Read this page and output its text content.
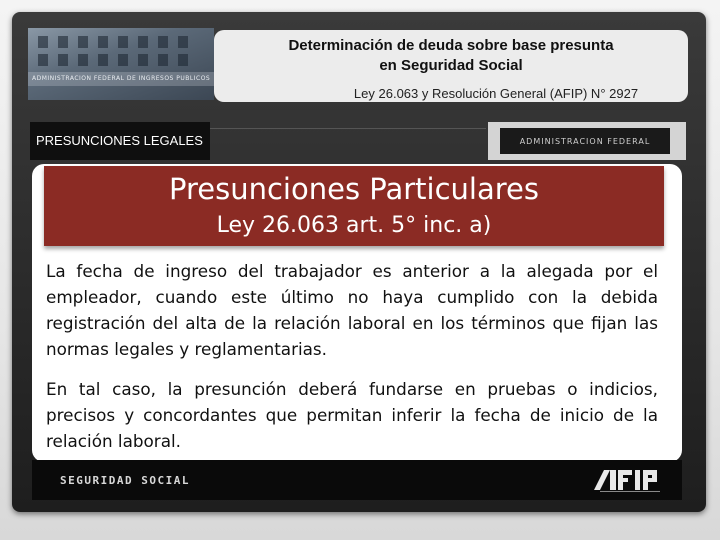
ADMINISTRACION FEDERAL DE INGRESOS PUBLICOS
Determinación de deuda sobre base presunta
en Seguridad Social
Ley 26.063 y Resolución General (AFIP) N° 2927
PRESUNCIONES LEGALES	ADMINISTRACION FEDERAL
Presunciones Particulares
Ley 26.063 art. 5° inc. a)
La fecha de ingreso del trabajador es anterior a la alegada por el empleador, cuando este último no haya cumplido con la debida registración del alta de la relación laboral en los términos que fijan las normas legales y reglamentarias.
En tal caso, la presunción deberá fundarse en pruebas o indicios, precisos y concordantes que permitan inferir la fecha de inicio de la relación laboral.
SEGURIDAD SOCIAL
